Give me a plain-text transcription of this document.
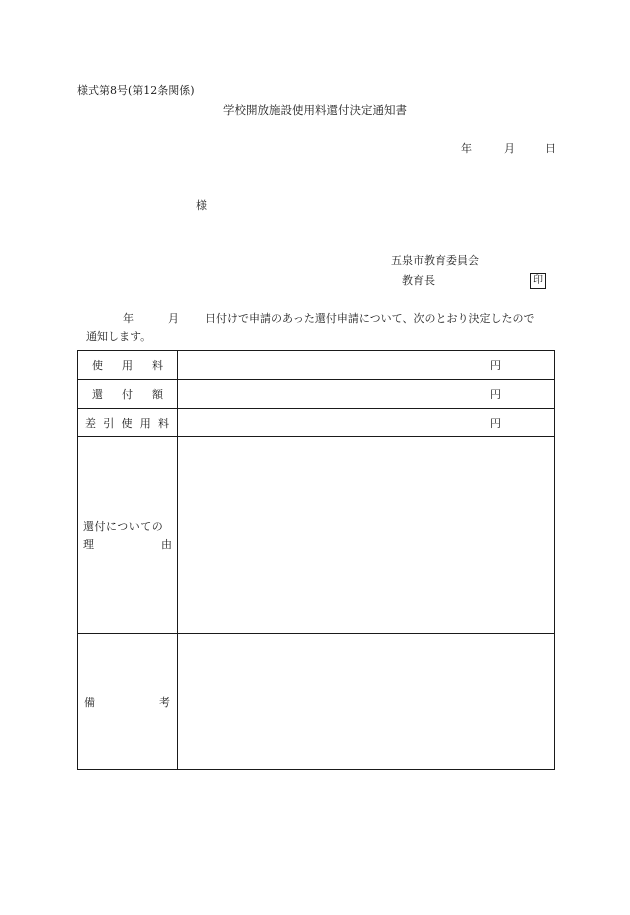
様式第8号(第12条関係)
学校開放施設使用料還付決定通知書
年	月	日
様
五泉市教育委員会
教育長	印
年	月 日付けで申請のあった還付申請について、次のとおり決定したので
通知します。
使 用 料	円

還 付 額	円

差 引 使 用 料	円

還付についての
理 由	

備 考	
